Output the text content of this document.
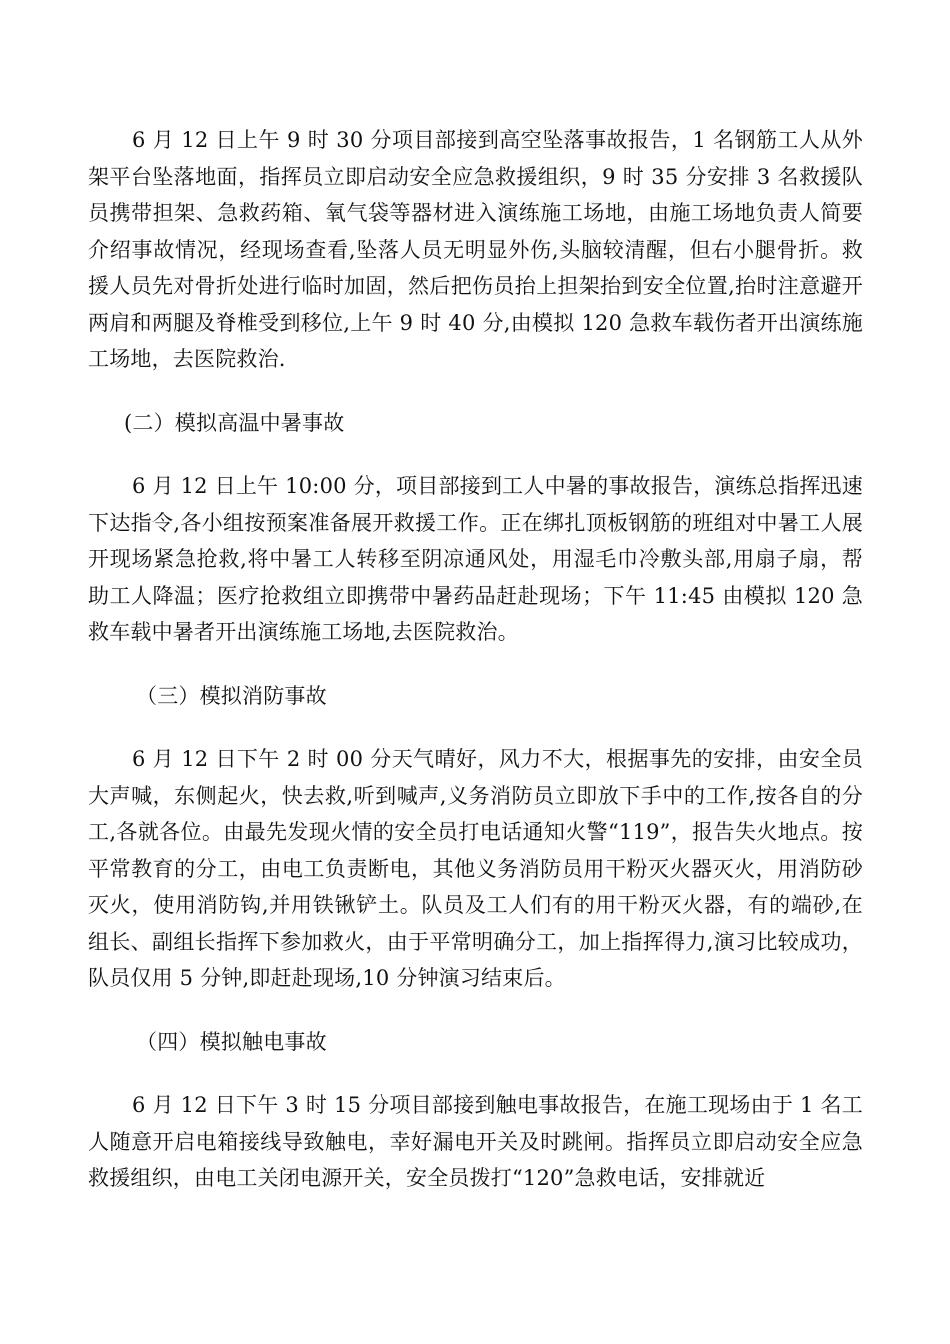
6 月 12 日上午 9 时 30 分项目部接到高空坠落事故报告，1 名钢筋工人从外架平台坠落地面，指挥员立即启动安全应急救援组织，9 时 35 分安排 3 名救援队员携带担架、急救药箱、氧气袋等器材进入演练施工场地，由施工场地负责人简要介绍事故情况，经现场查看,坠落人员无明显外伤,头脑较清醒，但右小腿骨折。救援人员先对骨折处进行临时加固，然后把伤员抬上担架抬到安全位置,抬时注意避开两肩和两腿及脊椎受到移位,上午 9 时 40 分,由模拟 120 急救车载伤者开出演练施工场地，去医院救治.

(二）模拟高温中暑事故

6 月 12 日上午 10:00 分，项目部接到工人中暑的事故报告，演练总指挥迅速下达指令,各小组按预案准备展开救援工作。正在绑扎顶板钢筋的班组对中暑工人展开现场紧急抢救,将中暑工人转移至阴凉通风处，用湿毛巾冷敷头部,用扇子扇，帮助工人降温；医疗抢救组立即携带中暑药品赶赴现场；下午 11:45 由模拟 120 急救车载中暑者开出演练施工场地,去医院救治。

（三）模拟消防事故

6 月 12 日下午 2 时 00 分天气晴好，风力不大，根据事先的安排，由安全员大声喊，东侧起火，快去救,听到喊声,义务消防员立即放下手中的工作,按各自的分工,各就各位。由最先发现火情的安全员打电话通知火警“119”，报告失火地点。按平常教育的分工，由电工负责断电，其他义务消防员用干粉灭火器灭火，用消防砂灭火，使用消防钩,并用铁锹铲土。队员及工人们有的用干粉灭火器，有的端砂,在组长、副组长指挥下参加救火，由于平常明确分工，加上指挥得力,演习比较成功，队员仅用 5 分钟,即赶赴现场,10 分钟演习结束后。

（四）模拟触电事故

6 月 12 日下午 3 时 15 分项目部接到触电事故报告，在施工现场由于 1 名工人随意开启电箱接线导致触电，幸好漏电开关及时跳闸。指挥员立即启动安全应急救援组织，由电工关闭电源开关，安全员拨打“120”急救电话，安排就近
